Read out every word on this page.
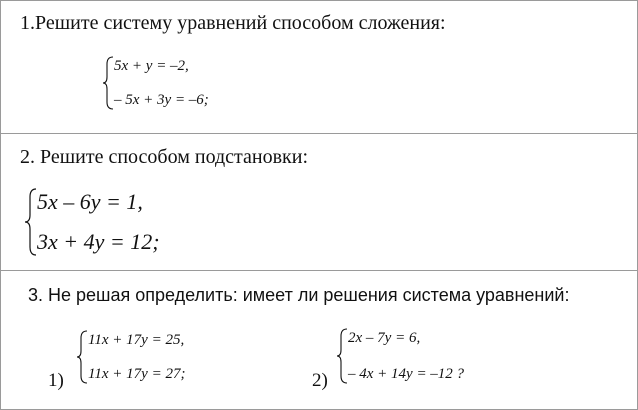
1.Решите систему уравнений способом сложения:
5x + y = –2,
– 5x + 3y = –6;
2. Решите способом подстановки:
5x – 6y = 1,
3x + 4y = 12;
3. Не решая определить: имеет ли решения система уравнений:
1)
11x + 17y = 25,
11x + 17y = 27;	2)
2x – 7y = 6,
– 4x + 14y = –12 ?
